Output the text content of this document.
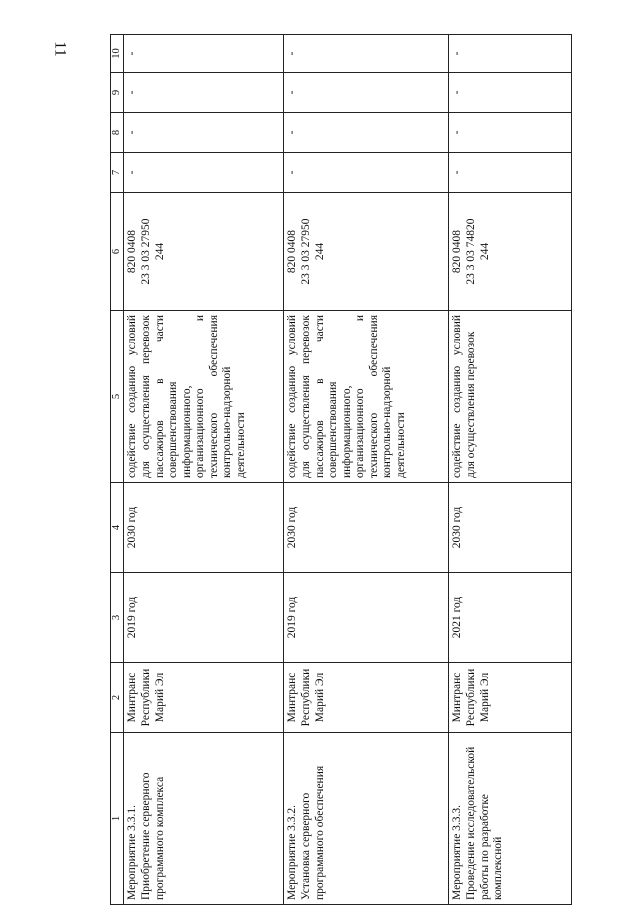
11
1	2	3	4	5	6	7	8	9	10

Мероприятие 3.3.1.
Приобретение серверного программного комплекса	Минтранс Республики Марий Эл	2019 год	2030 год	содействие созданию условий для осуществления перевозок пассажиров в части совершенствования информационного, организационного и технического обеспечения контрольно-надзорной деятельности	820 0408
23 3 03 27950
244	-	-	-	-

Мероприятие 3.3.2.
Установка серверного программного обеспечения	Минтранс Республики Марий Эл	2019 год	2030 год	содействие созданию условий для осуществления перевозок пассажиров в части совершенствования информационного, организационного и технического обеспечения контрольно-надзорной деятельности	820 0408
23 3 03 27950
244	-	-	-	-

Мероприятие 3.3.3.
Проведение исследовательской работы по разработке комплексной	Минтранс Республики Марий Эл	2021 год	2030 год	содействие созданию условий для осуществления перевозок	820 0408
23 3 03 74820
244	-	-	-	-
